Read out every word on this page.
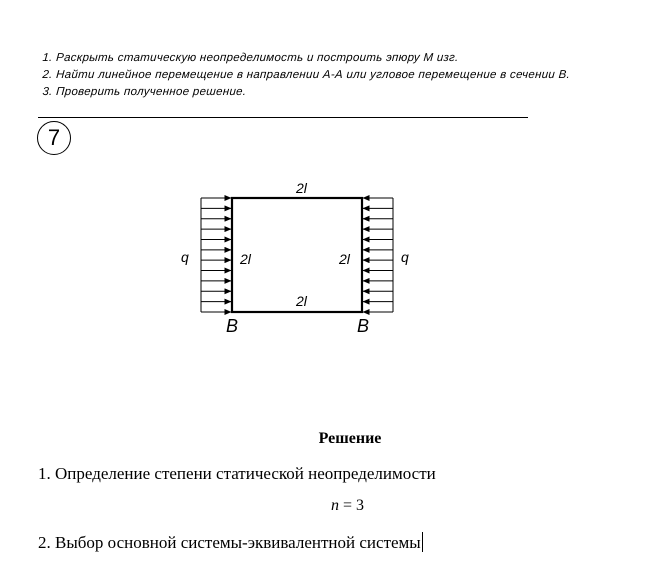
1. Раскрыть статическую неопределимость и построить эпюру М изг.
2. Найти линейное перемещение в направлении А-А или угловое перемещение в сечении В.
3. Проверить полученное решение.
7
2l
2l
2l	2l
q	q
B	B
Решение
1. Определение степени статической неопределимости
n = 3
2. Выбор основной системы-эквивалентной системы
